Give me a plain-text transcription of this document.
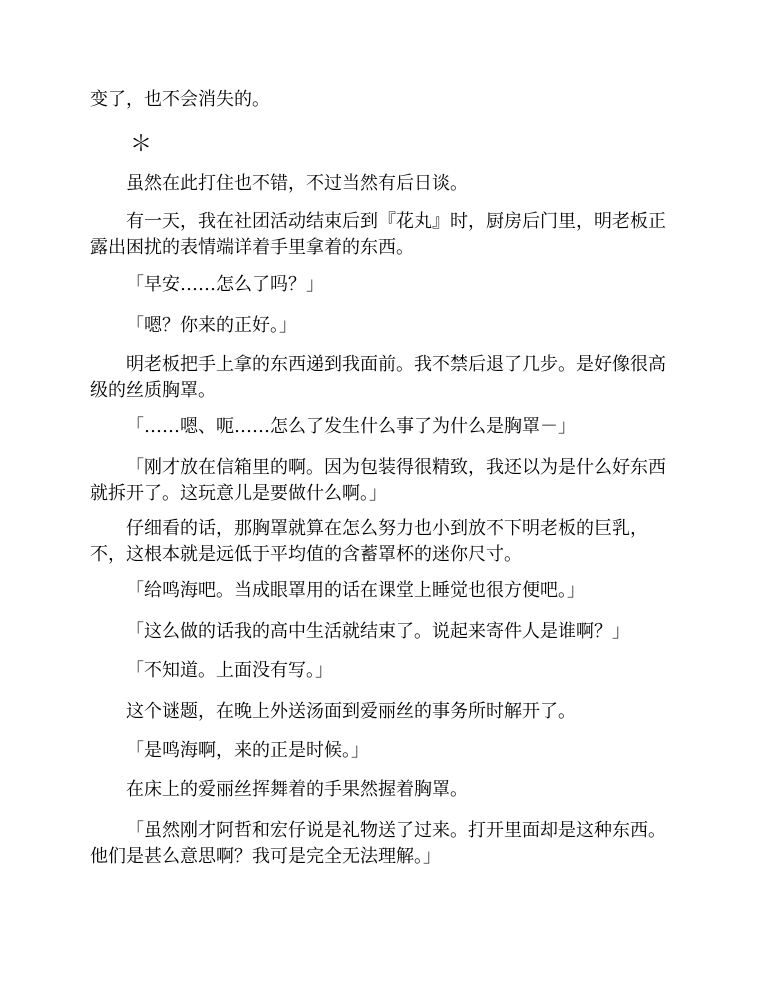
变了，也不会消失的。

＊

虽然在此打住也不错，不过当然有后日谈。

有一天，我在社团活动结束后到『花丸』时，厨房后门里，明老板正露出困扰的表情端详着手里拿着的东西。

「早安……怎么了吗？」

「嗯？你来的正好。」

明老板把手上拿的东西递到我面前。我不禁后退了几步。是好像很高级的丝质胸罩。

「……嗯、呃……怎么了发生什么事了为什么是胸罩－」

「刚才放在信箱里的啊。因为包装得很精致，我还以为是什么好东西就拆开了。这玩意儿是要做什么啊。」

仔细看的话，那胸罩就算在怎么努力也小到放不下明老板的巨乳，不，这根本就是远低于平均值的含蓄罩杯的迷你尺寸。

「给鸣海吧。当成眼罩用的话在课堂上睡觉也很方便吧。」

「这么做的话我的高中生活就结束了。说起来寄件人是谁啊？」

「不知道。上面没有写。」

这个谜题，在晚上外送汤面到爱丽丝的事务所时解开了。

「是鸣海啊，来的正是时候。」

在床上的爱丽丝挥舞着的手果然握着胸罩。

「虽然刚才阿哲和宏仔说是礼物送了过来。打开里面却是这种东西。他们是甚么意思啊？我可是完全无法理解。」
